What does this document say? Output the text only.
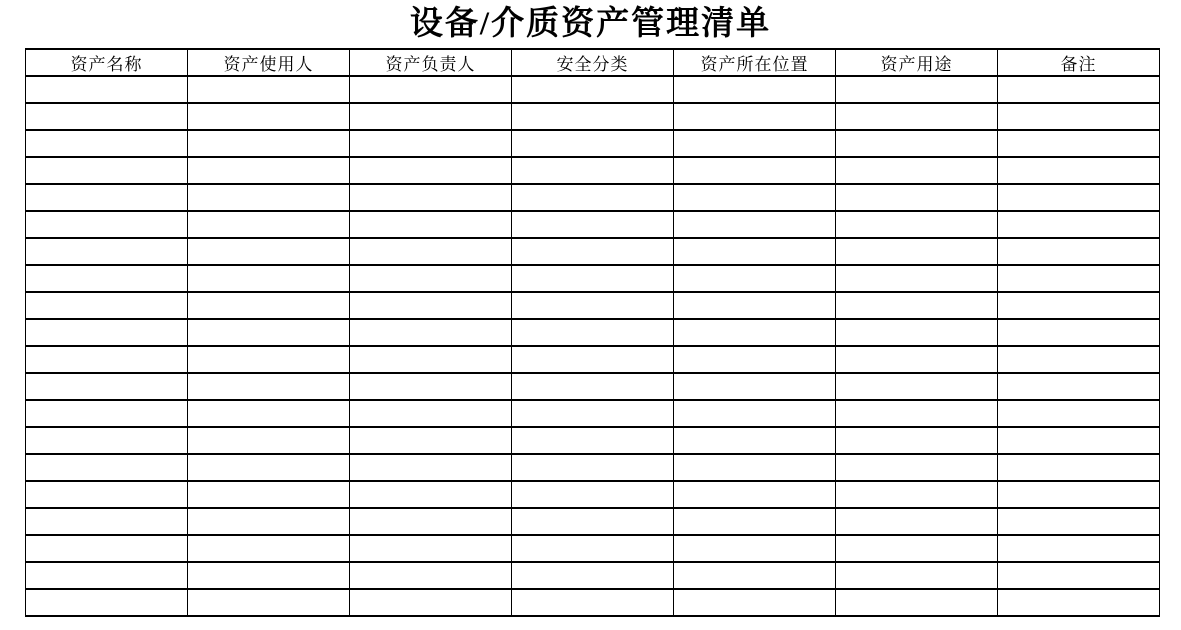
设备/介质资产管理清单
资产名称	资产使用人	资产负责人	安全分类	资产所在位置	资产用途	备注
